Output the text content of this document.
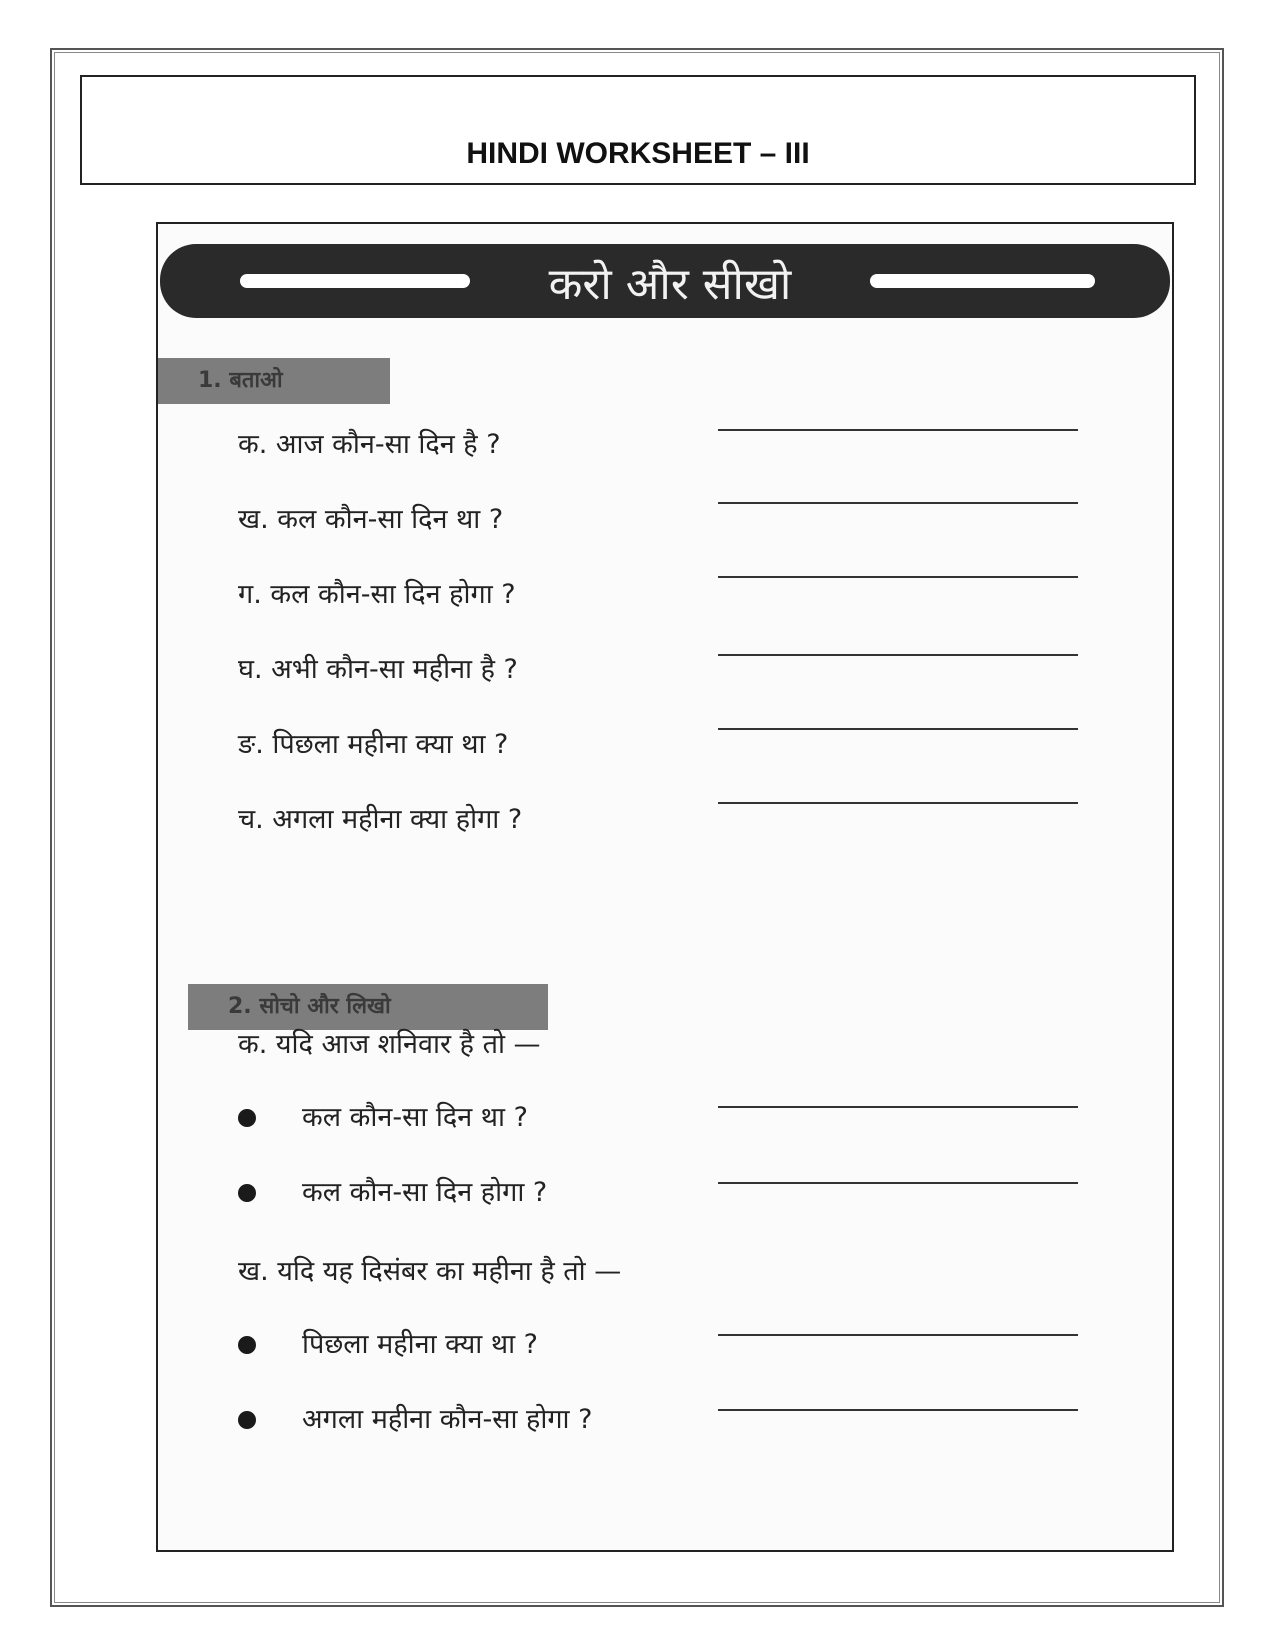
HINDI WORKSHEET – III
करो और सीखो
1. बताओ
क. आज कौन-सा दिन है ?
ख. कल कौन-सा दिन था ?
ग. कल कौन-सा दिन होगा ?
घ. अभी कौन-सा महीना है ?
ङ. पिछला महीना क्या था ?
च. अगला महीना क्या होगा ?
2. सोचो और लिखो
क. यदि आज शनिवार है तो —
कल कौन-सा दिन था ?
कल कौन-सा दिन होगा ?
ख. यदि यह दिसंबर का महीना है तो —
पिछला महीना क्या था ?
अगला महीना कौन-सा होगा ?
